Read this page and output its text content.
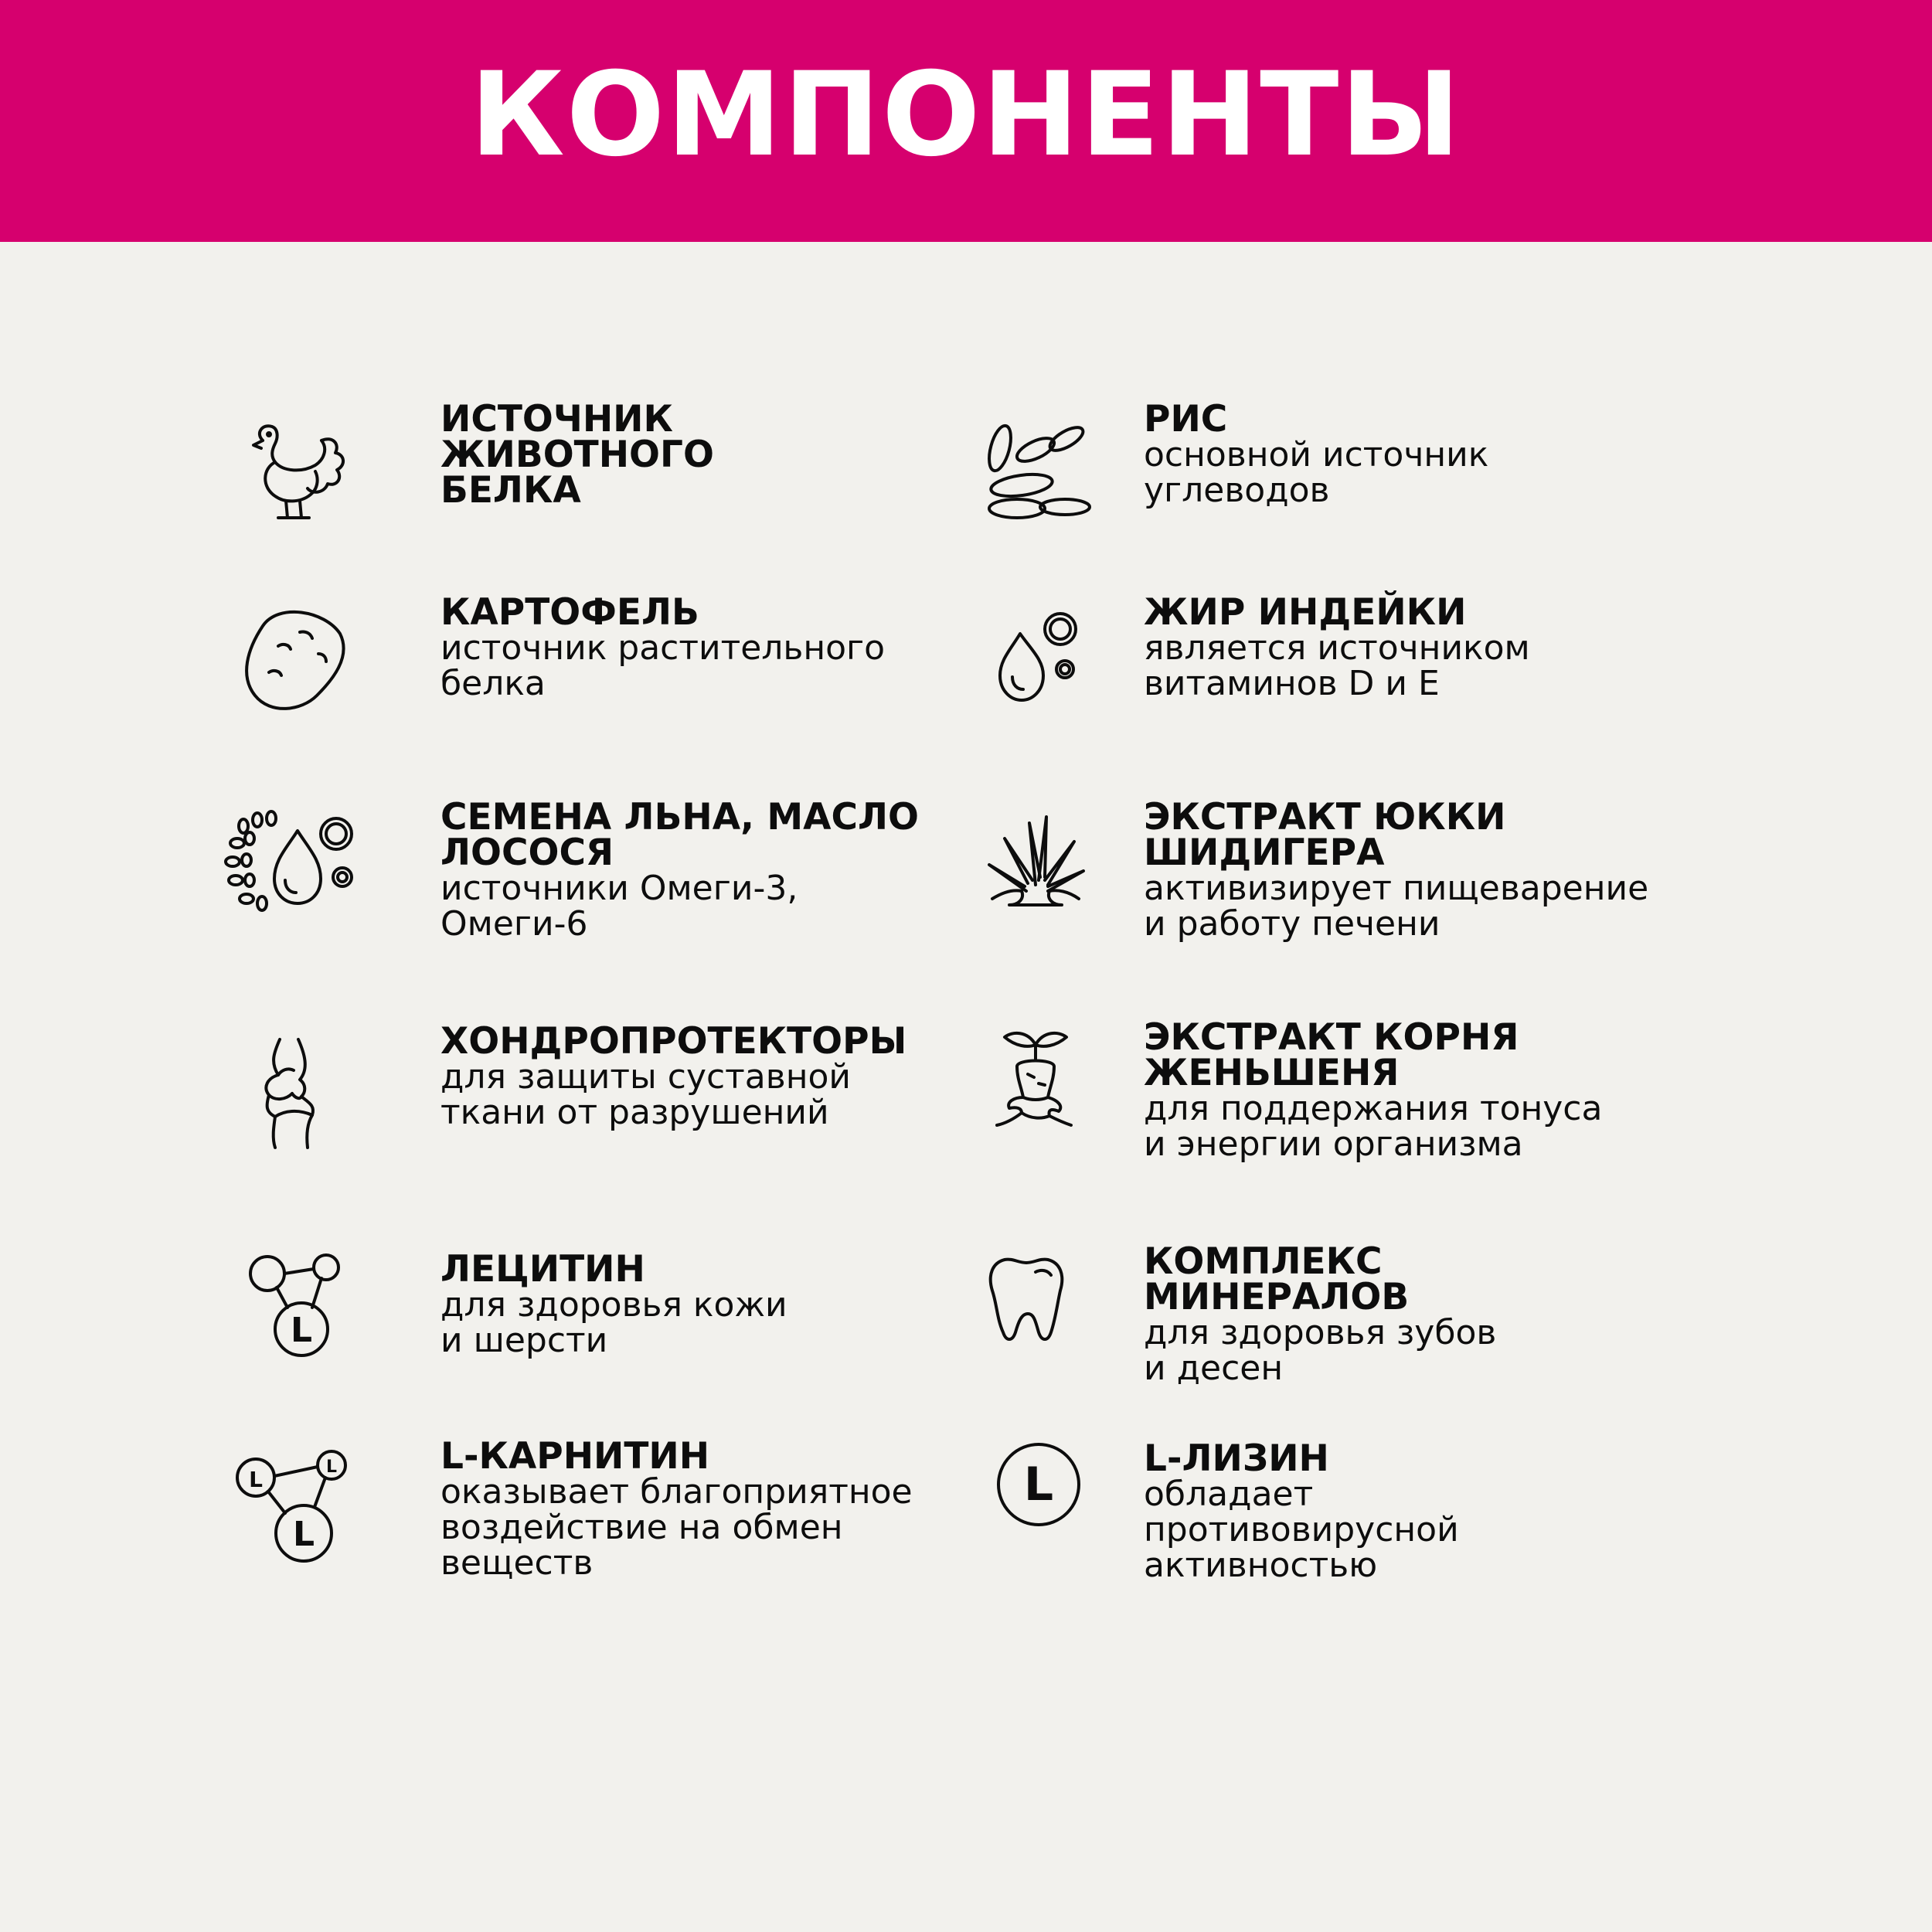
КОМПОНЕНТЫ

ИСТОЧНИК
ЖИВОТНОГО
БЕЛКА

РИС

основной источник
углеводов

КАРТОФЕЛЬ

источник растительного
белка

ЖИР ИНДЕЙКИ

является источником
витаминов D и E

СЕМЕНА ЛЬНА, МАСЛО
ЛОСОСЯ

источники Омеги-3,
Омеги-6

ЭКСТРАКТ ЮККИ
ШИДИГЕРА

активизирует пищеварение
и работу печени

ХОНДРОПРОТЕКТОРЫ

для защиты суставной
ткани от разрушений

ЭКСТРАКТ КОРНЯ
ЖЕНЬШЕНЯ

для поддержания тонуса
и энергии организма

L

ЛЕЦИТИН

для здоровья кожи
и шерсти

КОМПЛЕКС
МИНЕРАЛОВ

для здоровья зубов
и десен

L	L
L

L-КАРНИТИН

оказывает благоприятное
воздействие на обмен
веществ

L L-ЛИЗИН

обладает
противовирусной
активностью
